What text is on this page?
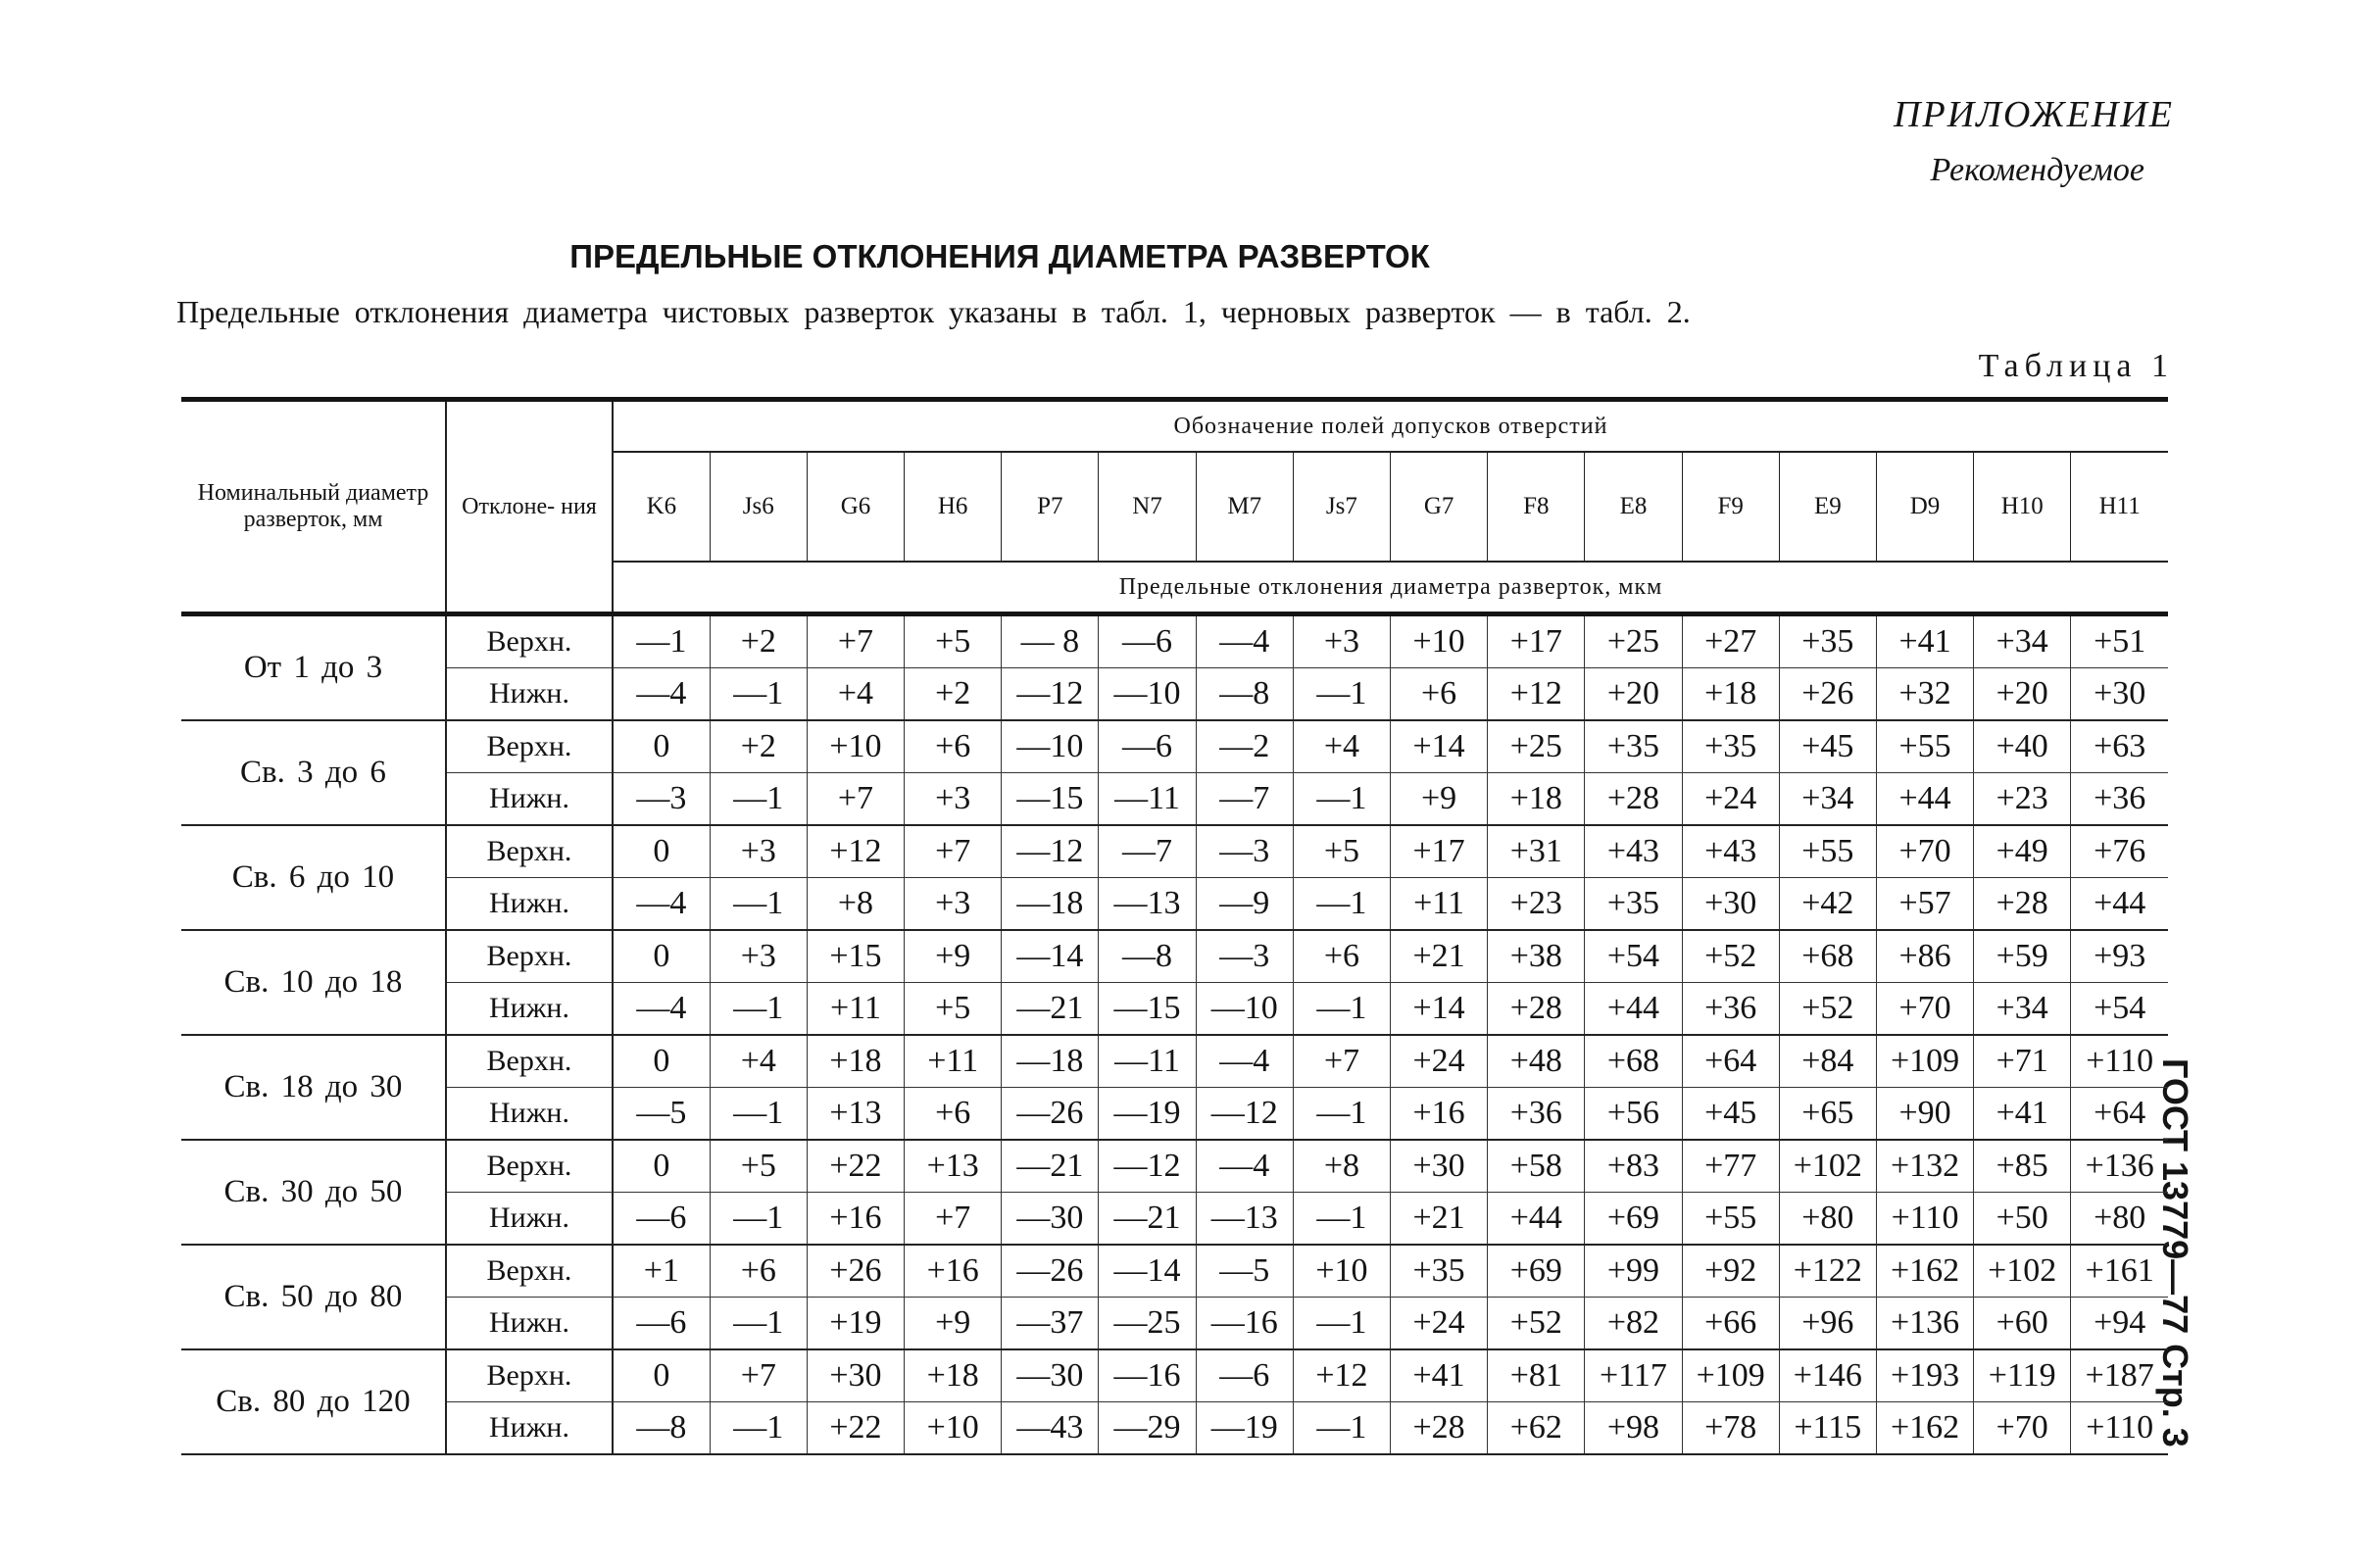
ПРИЛОЖЕНИЕ
Рекомендуемое
ПРЕДЕЛЬНЫЕ ОТКЛОНЕНИЯ ДИАМЕТРА РАЗВЕРТОК
Предельные отклонения диаметра чистовых разверток указаны в табл. 1, черновых разверток — в табл. 2.
Таблица 1
ГОСТ 13779—77 Стр. 3
Номинальный диаметр разверток, мм	Отклоне- ния	Обозначение полей допусков отверстий															
		K6	Js6	G6	H6	P7	N7	M7	Js7	G7	F8	E8	F9	E9	D9	H10	H11
		Предельные отклонения диаметра разверток, мкм															

От 1 до 3	Верхн.	—1	+2	+7	+5	— 8	—6	—4	+3	+10	+17	+25	+27	+35	+41	+34	+51
	Нижн.	—4	—1	+4	+2	—12	—10	—8	—1	+6	+12	+20	+18	+26	+32	+20	+30
Св. 3 до 6	Верхн.	0	+2	+10	+6	—10	—6	—2	+4	+14	+25	+35	+35	+45	+55	+40	+63
	Нижн.	—3	—1	+7	+3	—15	—11	—7	—1	+9	+18	+28	+24	+34	+44	+23	+36
Св. 6 до 10	Верхн.	0	+3	+12	+7	—12	—7	—3	+5	+17	+31	+43	+43	+55	+70	+49	+76
	Нижн.	—4	—1	+8	+3	—18	—13	—9	—1	+11	+23	+35	+30	+42	+57	+28	+44
Св. 10 до 18	Верхн.	0	+3	+15	+9	—14	—8	—3	+6	+21	+38	+54	+52	+68	+86	+59	+93
	Нижн.	—4	—1	+11	+5	—21	—15	—10	—1	+14	+28	+44	+36	+52	+70	+34	+54
Св. 18 до 30	Верхн.	0	+4	+18	+11	—18	—11	—4	+7	+24	+48	+68	+64	+84	+109	+71	+110
	Нижн.	—5	—1	+13	+6	—26	—19	—12	—1	+16	+36	+56	+45	+65	+90	+41	+64
Св. 30 до 50	Верхн.	0	+5	+22	+13	—21	—12	—4	+8	+30	+58	+83	+77	+102	+132	+85	+136
	Нижн.	—6	—1	+16	+7	—30	—21	—13	—1	+21	+44	+69	+55	+80	+110	+50	+80
Св. 50 до 80	Верхн.	+1	+6	+26	+16	—26	—14	—5	+10	+35	+69	+99	+92	+122	+162	+102	+161
	Нижн.	—6	—1	+19	+9	—37	—25	—16	—1	+24	+52	+82	+66	+96	+136	+60	+94
Св. 80 до 120	Верхн.	0	+7	+30	+18	—30	—16	—6	+12	+41	+81	+117	+109	+146	+193	+119	+187
	Нижн.	—8	—1	+22	+10	—43	—29	—19	—1	+28	+62	+98	+78	+115	+162	+70	+110
